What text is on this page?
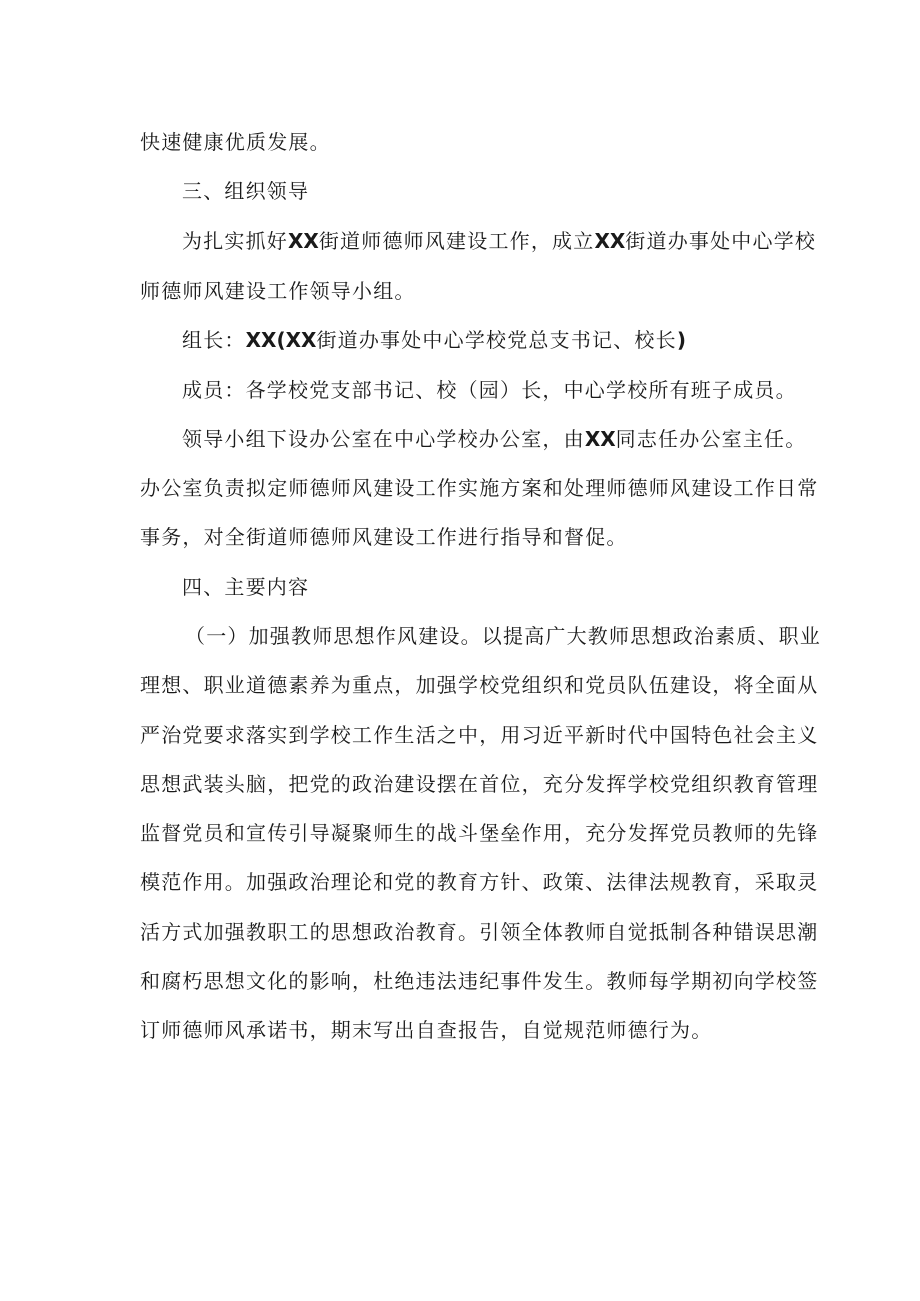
快速健康优质发展。
三、组织领导
为扎实抓好XX街道师德师风建设工作，成立XX街道办事处中心学校
师德师风建设工作领导小组。
组长：XX(XX街道办事处中心学校党总支书记、校长)
成员：各学校党支部书记、校（园）长，中心学校所有班子成员。
领导小组下设办公室在中心学校办公室，由XX同志任办公室主任。
办公室负责拟定师德师风建设工作实施方案和处理师德师风建设工作日常
事务，对全街道师德师风建设工作进行指导和督促。
四、主要内容
（一）加强教师思想作风建设。以提高广大教师思想政治素质、职业
理想、职业道德素养为重点，加强学校党组织和党员队伍建设，将全面从
严治党要求落实到学校工作生活之中，用习近平新时代中国特色社会主义
思想武装头脑，把党的政治建设摆在首位，充分发挥学校党组织教育管理
监督党员和宣传引导凝聚师生的战斗堡垒作用，充分发挥党员教师的先锋
模范作用。加强政治理论和党的教育方针、政策、法律法规教育，采取灵
活方式加强教职工的思想政治教育。引领全体教师自觉抵制各种错误思潮
和腐朽思想文化的影响，杜绝违法违纪事件发生。教师每学期初向学校签
订师德师风承诺书，期末写出自查报告，自觉规范师德行为。
